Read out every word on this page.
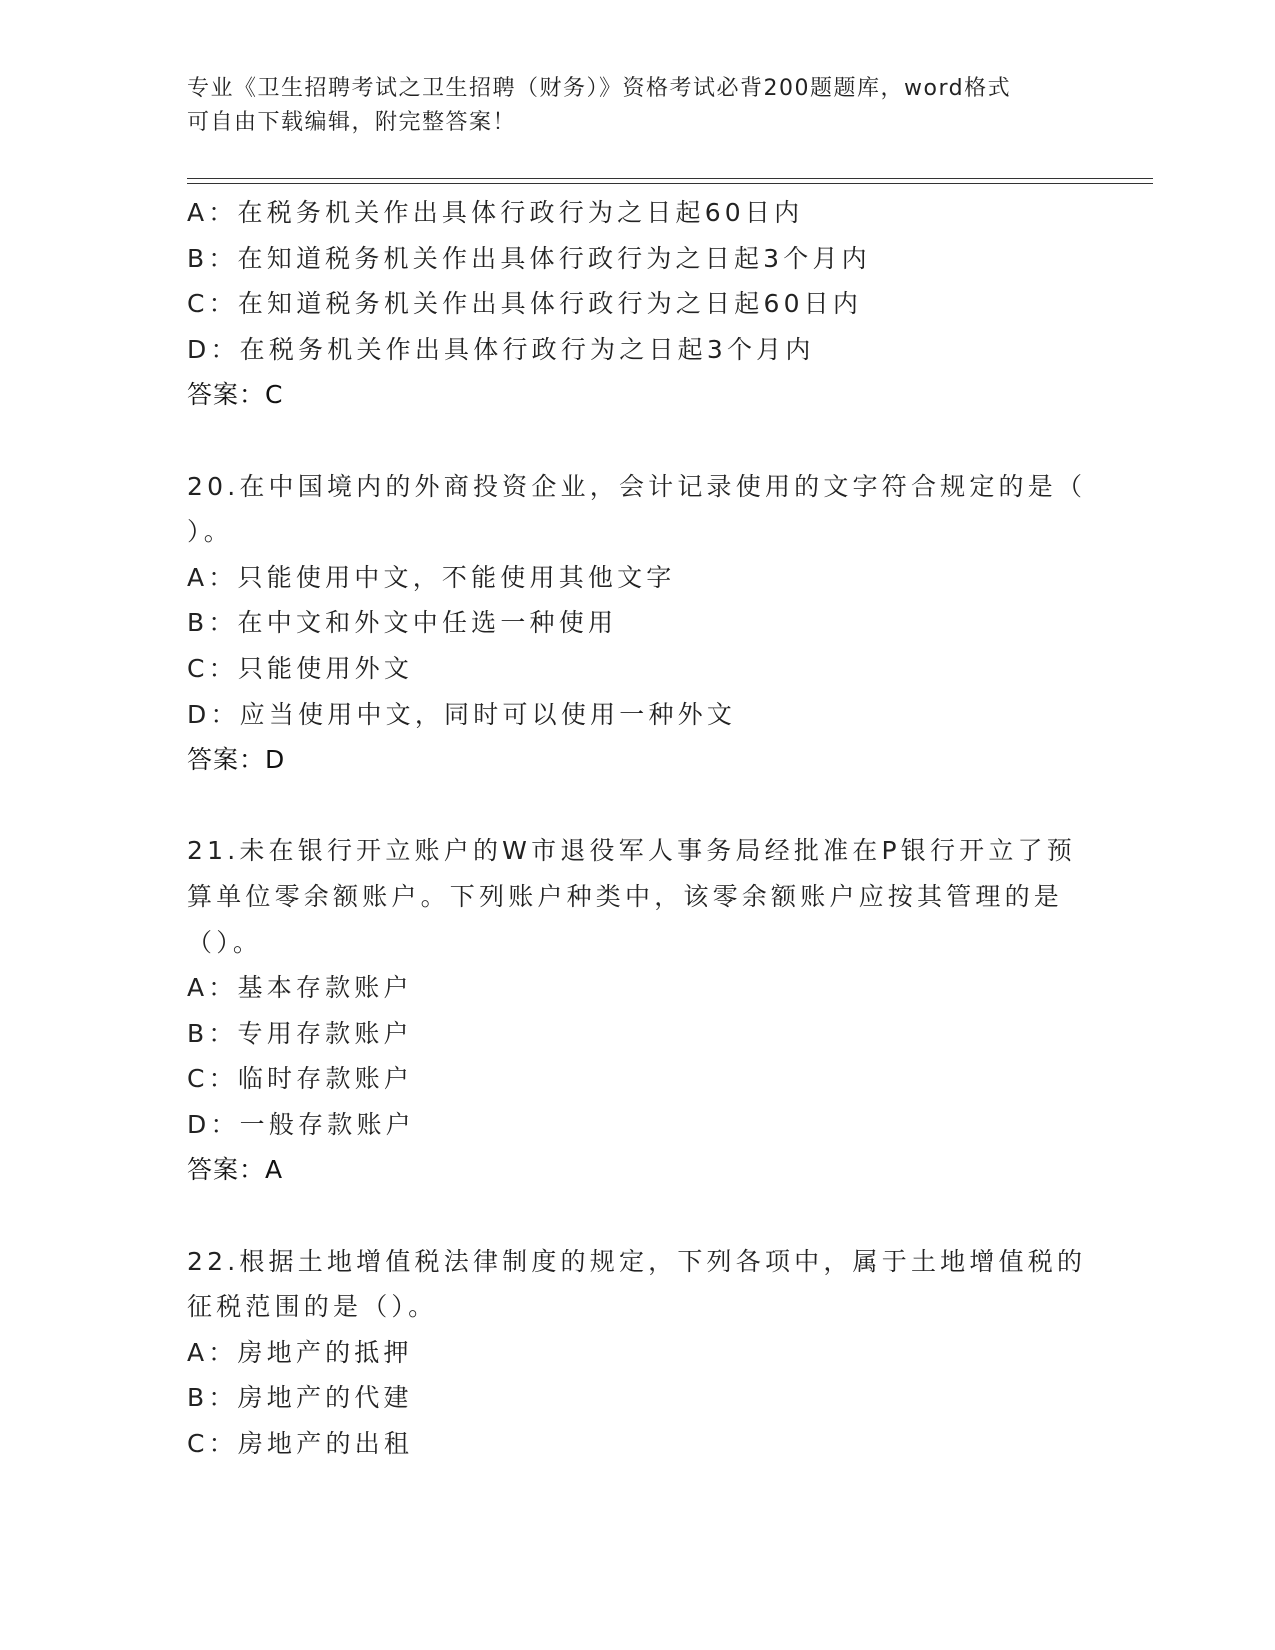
专业《卫生招聘考试之卫生招聘（财务）》资格考试必背200题题库，word格式
可自由下载编辑，附完整答案！
A：在税务机关作出具体行政行为之日起60日内
B：在知道税务机关作出具体行政行为之日起3个月内
C：在知道税务机关作出具体行政行为之日起60日内
D：在税务机关作出具体行政行为之日起3个月内
答案：C
20.在中国境内的外商投资企业，会计记录使用的文字符合规定的是（
）。
A：只能使用中文，不能使用其他文字
B：在中文和外文中任选一种使用
C：只能使用外文
D：应当使用中文，同时可以使用一种外文
答案：D
21.未在银行开立账户的W市退役军人事务局经批准在P银行开立了预
算单位零余额账户。下列账户种类中，该零余额账户应按其管理的是
（）。
A：基本存款账户
B：专用存款账户
C：临时存款账户
D：一般存款账户
答案：A
22.根据土地增值税法律制度的规定，下列各项中，属于土地增值税的
征税范围的是（）。
A：房地产的抵押
B：房地产的代建
C：房地产的出租
